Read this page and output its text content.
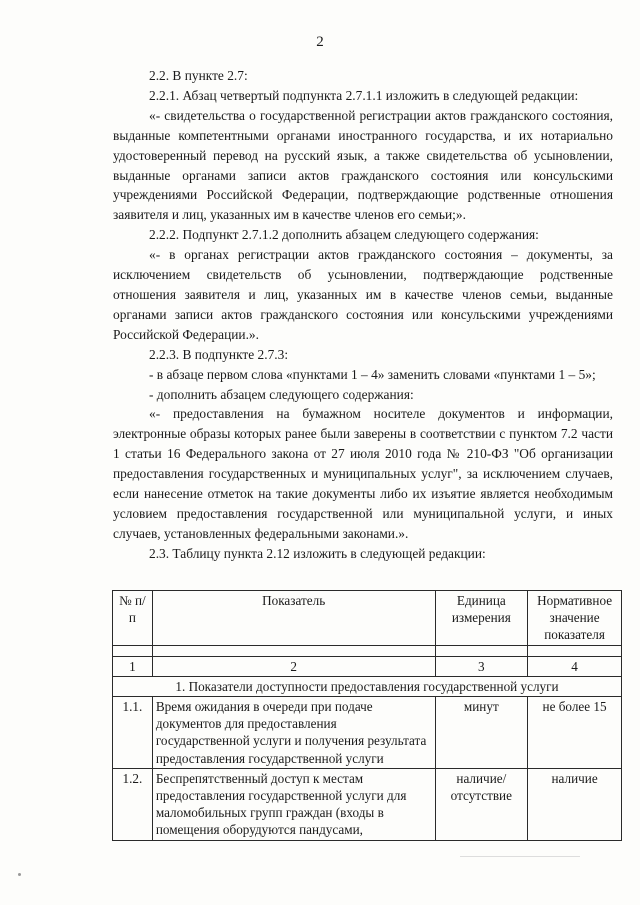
2

2.2. В пункте 2.7:

2.2.1. Абзац четвертый подпункта 2.7.1.1 изложить в следующей редакции:

«- свидетельства о государственной регистрации актов гражданского состояния, выданные компетентными органами иностранного государства, и их нотариально удостоверенный перевод на русский язык, а также свидетельства об усыновлении, выданные органами записи актов гражданского состояния или консульскими учреждениями Российской Федерации, подтверждающие родственные отношения заявителя и лиц, указанных им в качестве членов его семьи;».

2.2.2. Подпункт 2.7.1.2 дополнить абзацем следующего содержания:

«- в органах регистрации актов гражданского состояния – документы, за исключением свидетельств об усыновлении, подтверждающие родственные отношения заявителя и лиц, указанных им в качестве членов семьи, выданные органами записи актов гражданского состояния или консульскими учреждениями Российской Федерации.».

2.2.3. В подпункте 2.7.3:

- в абзаце первом слова «пунктами 1 – 4» заменить словами «пунктами 1 – 5»;

- дополнить абзацем следующего содержания:

«- предоставления на бумажном носителе документов и информации, электронные образы которых ранее были заверены в соответствии с пунктом 7.2 части 1 статьи 16 Федерального закона от 27 июля 2010 года № 210-ФЗ "Об организации предоставления государственных и муниципальных услуг", за исключением случаев, если нанесение отметок на такие документы либо их изъятие является необходимым условием предоставления государственной или муниципальной услуги, и иных случаев, установленных федеральными законами.».

2.3. Таблицу пункта 2.12 изложить в следующей редакции:

№ п/п	Показатель	Единица измерения	Нормативное значение показателя

1	2	3	4
1. Показатели доступности предоставления государственной услуги			
1.1.	Время ожидания в очереди при подаче документов для предоставления государственной услуги и получения результата предоставления государственной услуги	минут	не более 15
1.2.	Беспрепятственный доступ к местам предоставления государственной услуги для маломобильных групп граждан (входы в помещения оборудуются пандусами,	наличие/ отсутствие	наличие
